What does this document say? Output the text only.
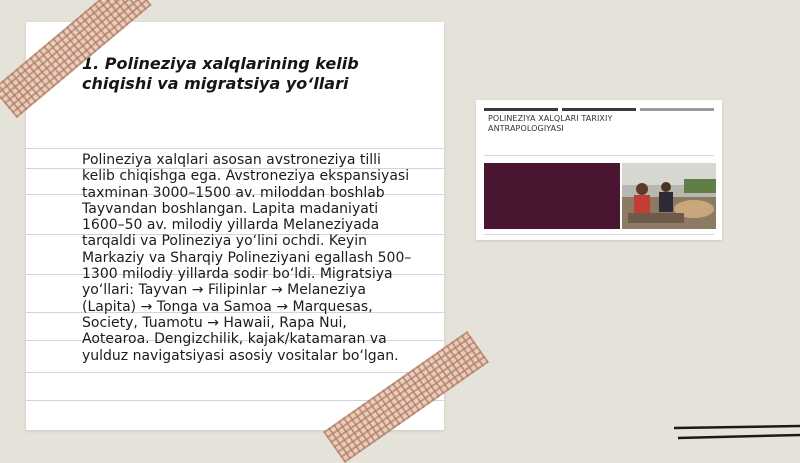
1. Polineziya xalqlarining kelib chiqishi va migratsiya yo‘llari

Polineziya xalqlari asosan avstroneziya tilli kelib chiqishga ega. Avstroneziya ekspansiyasi taxminan 3000–1500 av. miloddan boshlab Tayvandan boshlangan. Lapita madaniyati 1600–50 av. milodiy yillarda Melaneziyada tarqaldi va Polineziya yo‘lini ochdi. Keyin Markaziy va Sharqiy Polineziyani egallash 500–1300 milodiy yillarda sodir bo‘ldi. Migratsiya yo‘llari: Tayvan → Filipinlar → Melaneziya (Lapita) → Tonga va Samoa → Marquesas, Society, Tuamotu → Hawaii, Rapa Nui, Aotearoa. Dengizchilik, kajak/katamaran va yulduz navigatsiyasi asosiy vositalar bo‘lgan.

POLINEZIYA XALQLARI TARIXIY ANTRAPOLOGIYASI
